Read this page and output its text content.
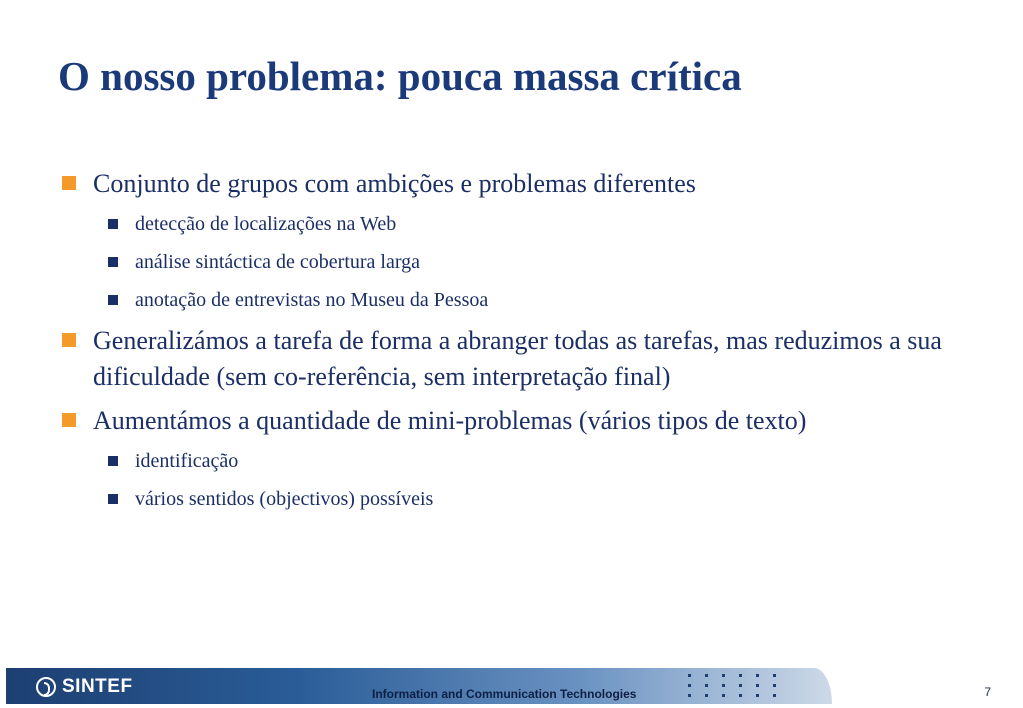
O nosso problema: pouca massa crítica
Conjunto de grupos com ambições e problemas diferentes
detecção de localizações na Web
análise sintáctica de cobertura larga
anotação de entrevistas no Museu da Pessoa
Generalizámos a tarefa de forma a abranger todas as tarefas, mas reduzimos a sua dificuldade (sem co-referência, sem interpretação final)
Aumentámos a quantidade de mini-problemas (vários tipos de texto)
identificação
vários sentidos (objectivos) possíveis
SINTEF	Information and Communication Technologies	7
